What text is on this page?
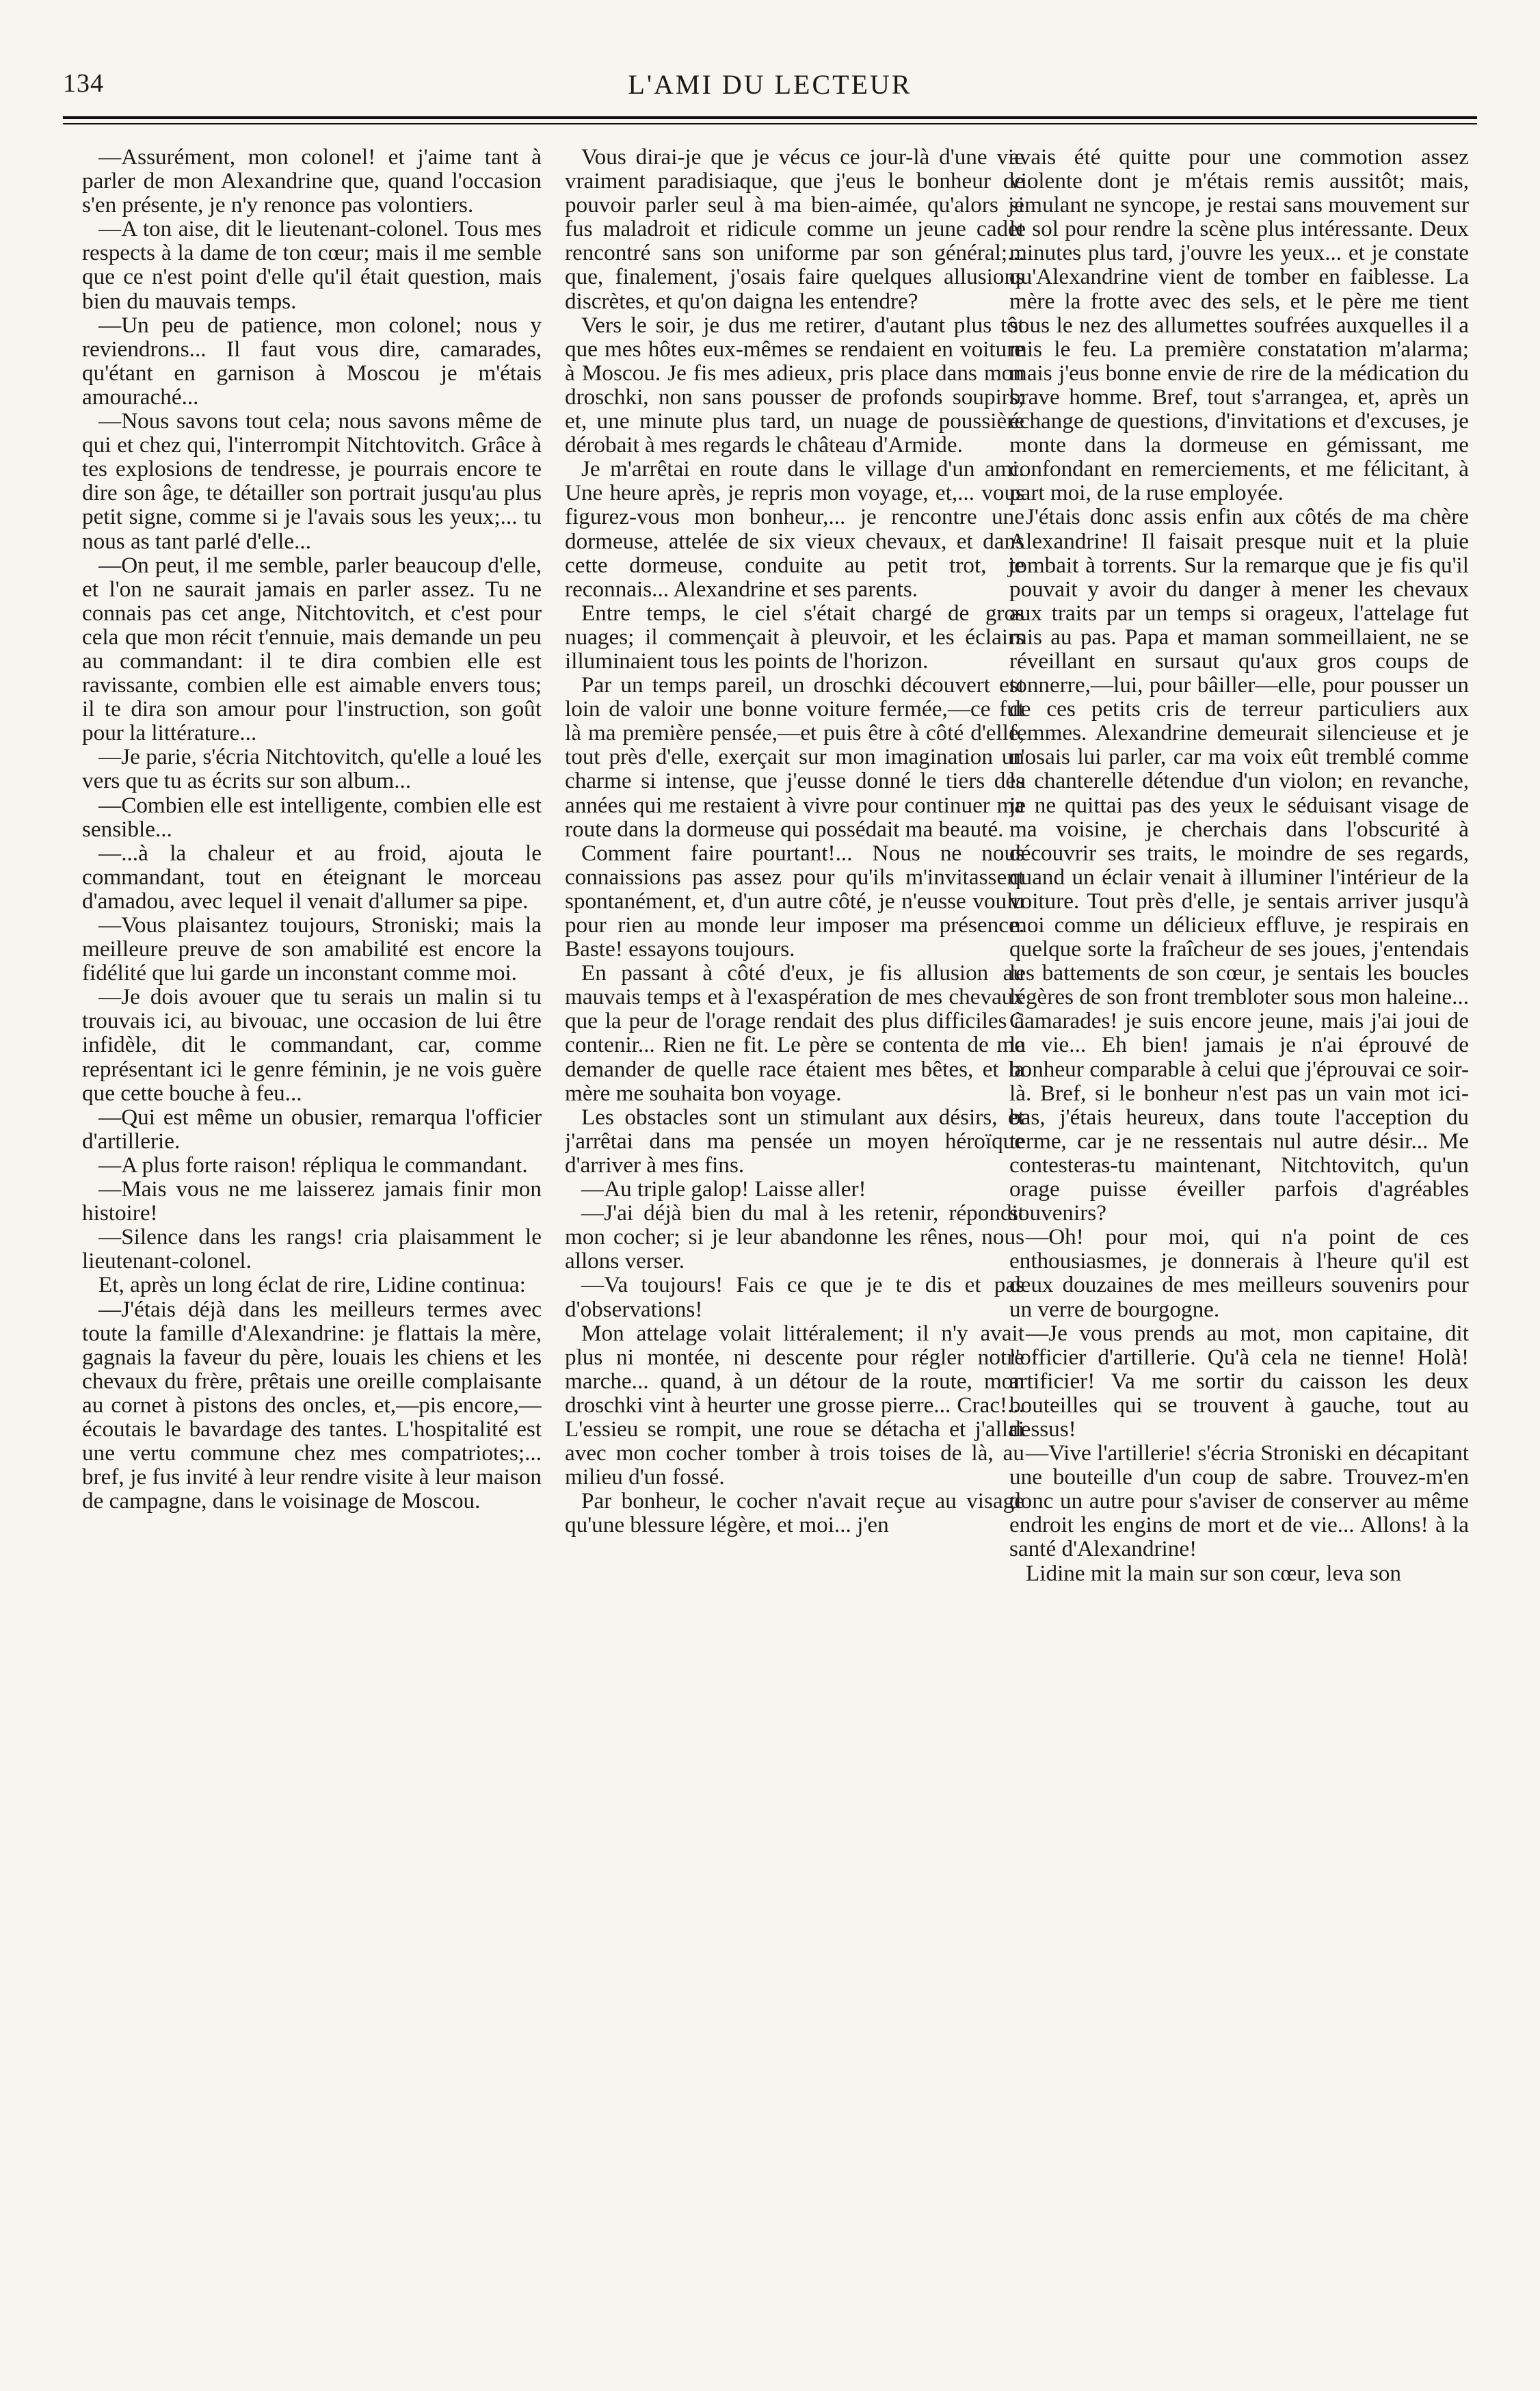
134	L'AMI DU LECTEUR

—Assurément, mon colonel! et j'aime tant à parler de mon Alexandrine que, quand l'occasion s'en présente, je n'y renonce pas volontiers.

—A ton aise, dit le lieutenant-colonel. Tous mes respects à la dame de ton cœur; mais il me semble que ce n'est point d'elle qu'il était question, mais bien du mauvais temps.

—Un peu de patience, mon colonel; nous y reviendrons... Il faut vous dire, camarades, qu'étant en garnison à Moscou je m'étais amouraché...

—Nous savons tout cela; nous savons même de qui et chez qui, l'interrompit Nitchtovitch. Grâce à tes explosions de tendresse, je pourrais encore te dire son âge, te détailler son portrait jusqu'au plus petit signe, comme si je l'avais sous les yeux;... tu nous as tant parlé d'elle...

—On peut, il me semble, parler beaucoup d'elle, et l'on ne saurait jamais en parler assez. Tu ne connais pas cet ange, Nitchtovitch, et c'est pour cela que mon récit t'ennuie, mais demande un peu au commandant: il te dira combien elle est ravissante, combien elle est aimable envers tous; il te dira son amour pour l'instruction, son goût pour la littérature...

—Je parie, s'écria Nitchtovitch, qu'elle a loué les vers que tu as écrits sur son album...

—Combien elle est intelligente, combien elle est sensible...

—...à la chaleur et au froid, ajouta le commandant, tout en éteignant le morceau d'amadou, avec lequel il venait d'allumer sa pipe.

—Vous plaisantez toujours, Stroniski; mais la meilleure preuve de son amabilité est encore la fidélité que lui garde un inconstant comme moi.

—Je dois avouer que tu serais un malin si tu trouvais ici, au bivouac, une occasion de lui être infidèle, dit le commandant, car, comme représentant ici le genre féminin, je ne vois guère que cette bouche à feu...

—Qui est même un obusier, remarqua l'officier d'artillerie.

—A plus forte raison! répliqua le commandant.

—Mais vous ne me laisserez jamais finir mon histoire!

—Silence dans les rangs! cria plaisamment le lieutenant-colonel.

Et, après un long éclat de rire, Lidine continua:

—J'étais déjà dans les meilleurs termes avec toute la famille d'Alexandrine: je flattais la mère, gagnais la faveur du père, louais les chiens et les chevaux du frère, prêtais une oreille complaisante au cornet à pistons des oncles, et,—pis encore,—écoutais le bavardage des tantes. L'hospitalité est une vertu commune chez mes compatriotes;... bref, je fus invité à leur rendre visite à leur maison de campagne, dans le voisinage de Moscou.

Vous dirai-je que je vécus ce jour-là d'une vie vraiment paradisiaque, que j'eus le bonheur de pouvoir parler seul à ma bien-aimée, qu'alors je fus maladroit et ridicule comme un jeune cadet rencontré sans son uniforme par son général;... que, finalement, j'osais faire quelques allusions discrètes, et qu'on daigna les entendre?

Vers le soir, je dus me retirer, d'autant plus tôt que mes hôtes eux-mêmes se rendaient en voiture à Moscou. Je fis mes adieux, pris place dans mon droschki, non sans pousser de profonds soupirs; et, une minute plus tard, un nuage de poussière dérobait à mes regards le château d'Armide.

Je m'arrêtai en route dans le village d'un ami. Une heure après, je repris mon voyage, et,... vous figurez-vous mon bonheur,... je rencontre une dormeuse, attelée de six vieux chevaux, et dans cette dormeuse, conduite au petit trot, je reconnais... Alexandrine et ses parents.

Entre temps, le ciel s'était chargé de gros nuages; il commençait à pleuvoir, et les éclairs illuminaient tous les points de l'horizon.

Par un temps pareil, un droschki découvert est loin de valoir une bonne voiture fermée,—ce fut là ma première pensée,—et puis être à côté d'elle, tout près d'elle, exerçait sur mon imagination un charme si intense, que j'eusse donné le tiers des années qui me restaient à vivre pour continuer ma route dans la dormeuse qui possédait ma beauté.

Comment faire pourtant!... Nous ne nous connaissions pas assez pour qu'ils m'invitassent spontanément, et, d'un autre côté, je n'eusse voulu pour rien au monde leur imposer ma présence. Baste! essayons toujours.

En passant à côté d'eux, je fis allusion au mauvais temps et à l'exaspération de mes chevaux que la peur de l'orage rendait des plus difficiles à contenir... Rien ne fit. Le père se contenta de me demander de quelle race étaient mes bêtes, et la mère me souhaita bon voyage.

Les obstacles sont un stimulant aux désirs, et j'arrêtai dans ma pensée un moyen héroïque d'arriver à mes fins.

—Au triple galop! Laisse aller!

—J'ai déjà bien du mal à les retenir, répondit mon cocher; si je leur abandonne les rênes, nous allons verser.

—Va toujours! Fais ce que je te dis et pas d'observations!

Mon attelage volait littéralement; il n'y avait plus ni montée, ni descente pour régler notre marche... quand, à un détour de la route, mon droschki vint à heurter une grosse pierre... Crac!... L'essieu se rompit, une roue se détacha et j'allai avec mon cocher tomber à trois toises de là, au milieu d'un fossé.

Par bonheur, le cocher n'avait reçue au visage qu'une blessure légère, et moi... j'en

avais été quitte pour une commotion assez violente dont je m'étais remis aussitôt; mais, simulant ne syncope, je restai sans mouvement sur le sol pour rendre la scène plus intéressante. Deux minutes plus tard, j'ouvre les yeux... et je constate qu'Alexandrine vient de tomber en faiblesse. La mère la frotte avec des sels, et le père me tient sous le nez des allumettes soufrées auxquelles il a mis le feu. La première constatation m'alarma; mais j'eus bonne envie de rire de la médication du brave homme. Bref, tout s'arrangea, et, après un échange de questions, d'invitations et d'excuses, je monte dans la dormeuse en gémissant, me confondant en remerciements, et me félicitant, à part moi, de la ruse employée.

J'étais donc assis enfin aux côtés de ma chère Alexandrine! Il faisait presque nuit et la pluie tombait à torrents. Sur la remarque que je fis qu'il pouvait y avoir du danger à mener les chevaux aux traits par un temps si orageux, l'attelage fut mis au pas. Papa et maman sommeillaient, ne se réveillant en sursaut qu'aux gros coups de tonnerre,—lui, pour bâiller—elle, pour pousser un de ces petits cris de terreur particuliers aux femmes. Alexandrine demeurait silencieuse et je n'osais lui parler, car ma voix eût tremblé comme la chanterelle détendue d'un violon; en revanche, je ne quittai pas des yeux le séduisant visage de ma voisine, je cherchais dans l'obscurité à découvrir ses traits, le moindre de ses regards, quand un éclair venait à illuminer l'intérieur de la voiture. Tout près d'elle, je sentais arriver jusqu'à moi comme un délicieux effluve, je respirais en quelque sorte la fraîcheur de ses joues, j'entendais les battements de son cœur, je sentais les boucles légères de son front trembloter sous mon haleine... Camarades! je suis encore jeune, mais j'ai joui de la vie... Eh bien! jamais je n'ai éprouvé de bonheur comparable à celui que j'éprouvai ce soir-là. Bref, si le bonheur n'est pas un vain mot ici-bas, j'étais heureux, dans toute l'acception du terme, car je ne ressentais nul autre désir... Me contesteras-tu maintenant, Nitchtovitch, qu'un orage puisse éveiller parfois d'agréables souvenirs?

—Oh! pour moi, qui n'a point de ces enthousiasmes, je donnerais à l'heure qu'il est deux douzaines de mes meilleurs souvenirs pour un verre de bourgogne.

—Je vous prends au mot, mon capitaine, dit l'officier d'artillerie. Qu'à cela ne tienne! Holà! artificier! Va me sortir du caisson les deux bouteilles qui se trouvent à gauche, tout au dessus!

—Vive l'artillerie! s'écria Stroniski en décapitant une bouteille d'un coup de sabre. Trouvez-m'en donc un autre pour s'aviser de conserver au même endroit les engins de mort et de vie... Allons! à la santé d'Alexandrine!

Lidine mit la main sur son cœur, leva son
